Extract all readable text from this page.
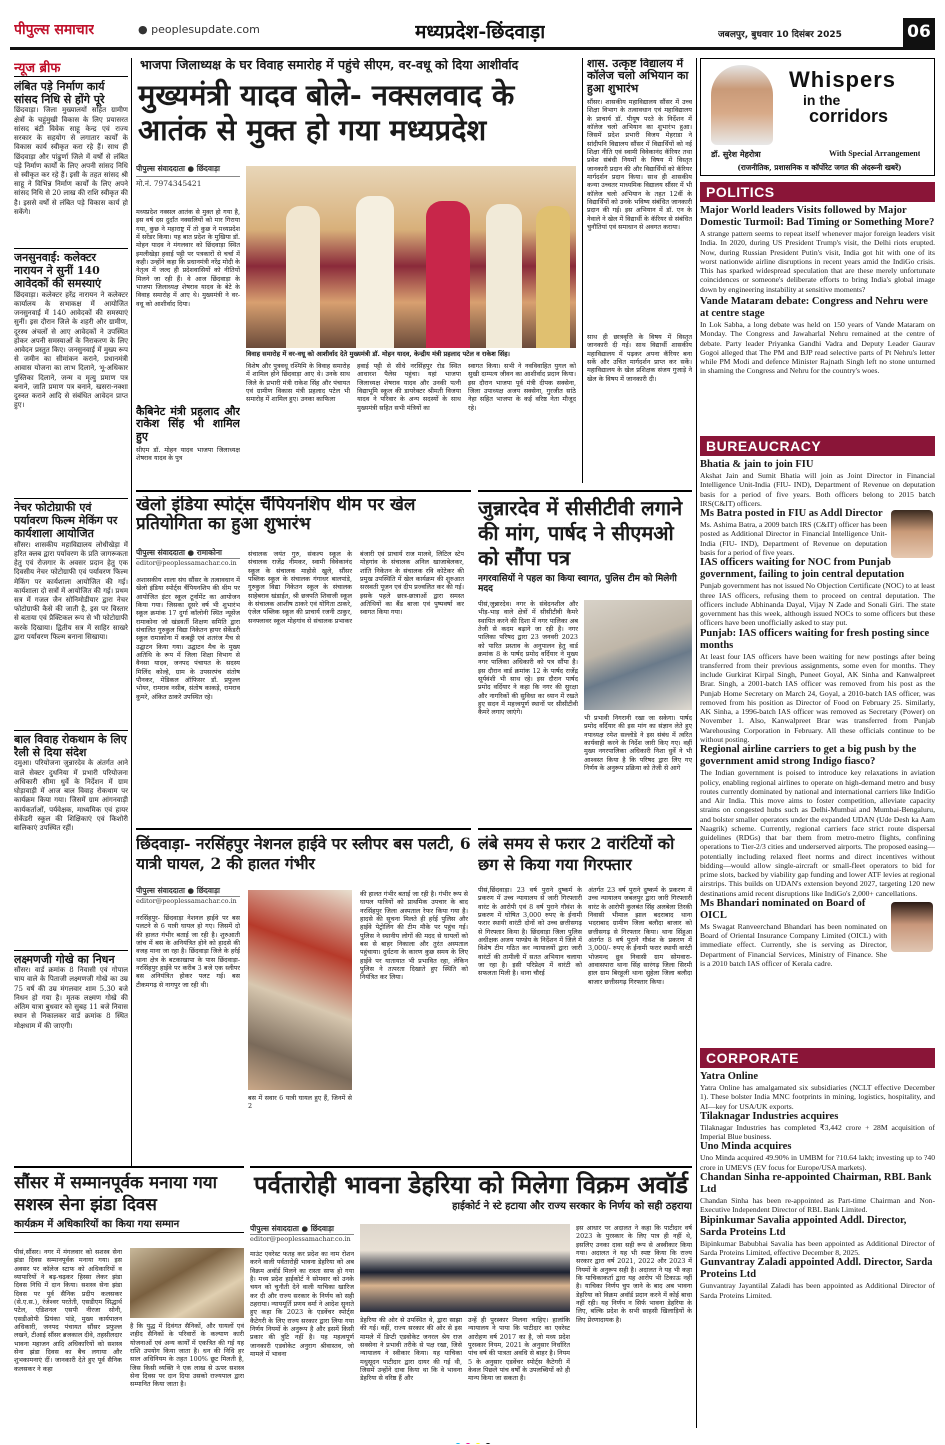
पीपुल्स समाचार	● peoplesupdate.com	मध्यप्रदेश-छिंदवाड़ा	जबलपुर, बुधवार 10 दिसंबर 2025	06
न्यूज ब्रीफ
लंबित पड़े निर्माण कार्य सांसद निधि से होंगे पूरे
छिंदवाड़ा। जिला मुख्यालयों सहित ग्रामीण क्षेत्रों के चहुंमुखी विकास के लिए प्रयासरत सांसद बंटी विवेक साहू केन्द्र एवं राज्य सरकार के सहयोग से लगातार कार्यों के विकास कार्य स्वीकृत करा रहे हैं। साथ ही छिंदवाड़ा और पांढुर्णा जिले में वर्षों से लंबित पड़े निर्माण कार्यों के लिए अपनी सांसद निधि से स्वीकृत कर रहे हैं। इसी के तहत सांसद श्री साहू ने विभिन्न निर्माण कार्यों के लिए अपने सांसद निधि से 20 लाख की राशि स्वीकृत की है। इससे वर्षों से लंबित पड़े विकास कार्य हो सकेंगे।
जनसुनवाई: कलेक्टर नारायन ने सुनीं 140 आवेदकों की समस्याएं
छिंदवाड़ा। कलेक्टर हरेंद्र नारायन ने कलेक्टर कार्यालय के सभाकक्ष में आयोजित जनसुनवाई में 140 आवेदकों की समस्याएं सुनीं। इस दौरान जिले के शहरी और ग्रामीण, दूरस्थ अंचलों से आए आवेदकों ने उपस्थित होकर अपनी समस्याओं के निराकरण के लिए आवेदन प्रस्तुत किए। जनसुनवाई में मुख्य रूप से जमीन का सीमांकन कराने, प्रधानमंत्री आवास योजना का लाभ दिलाने, भू-अधिकार पुस्तिका दिलाने, जन्म व मृत्यु प्रमाण पत्र बनाने, जाति प्रमाण पत्र बनाने, खसरा-नक्शा दुरुस्त कराने आदि से संबंधित आवेदन प्राप्त हुए।
नेचर फोटोग्राफी एवं पर्यावरण फिल्म मेकिंग पर कार्यशाला आयोजित
सौंसर। शासकीय महाविद्यालय लोधीखेड़ा में हरित क्लब द्वारा पर्यावरण के प्रति जागरूकता हेतु एवं रोजगार के अवसर प्रदान हेतु एक दिवसीय नेचर फोटोग्राफी एवं पर्यावरण फिल्म मेकिंग पर कार्यशाला आयोजित की गई। कार्यशाला दो सत्रों में आयोजित की गई। प्रथम सत्र में गजल जैन सोनिमोडीयार द्वारा नेचर फोटोग्राफी कैसे की जाती है, इस पर विस्तार से बताया एवं प्रैक्टिकल रूप से भी फोटोग्राफी करके दिखाया। द्वितीय सत्र में साहिर साखरे द्वारा पर्यावरण फिल्म बनाना सिखाया।
बाल विवाह रोकथाम के लिए रैली से दिया संदेश
दमुआ। परियोजना जुन्नारदेव के अंतर्गत आने वाले सेक्टर दुधनिया में प्रभारी परियोजना अधिकारी सीमा धुर्वे के निर्देशन में ग्राम घोड़ावाड़ी में आज बाल विवाह रोकथाम पर कार्यक्रम किया गया। जिसमें ग्राम आंगनवाड़ी कार्यकर्ताओं, पर्यवेक्षक, माध्यमिक एवं हायर सेकेंडरी स्कूल की शिक्षिकाएं एवं किशोरी बालिकाएं उपस्थित रहीं।
लक्ष्मणजी गोखे का निधन
सौंसर। वार्ड क्रमांक 8 निवासी एवं गोपाल चाय वाले के पिताजी लक्ष्मणजी गोखे का उम्र 75 वर्ष की उम्र मंगलवार शाम 5.30 बजे निधन हो गया है। मृतक लक्ष्मण गोखे की अंतिम यात्रा बुधवार को सुबह 11 बजे निवास स्थान से निकालकर वार्ड क्रमांक 8 स्थित मोक्षधाम में की जाएगी।
भाजपा जिलाध्यक्ष के घर विवाह समारोह में पहुंचे सीएम, वर-वधू को दिया आशीर्वाद
मुख्यमंत्री यादव बोले- नक्सलवाद के आतंक से मुक्त हो गया मध्यप्रदेश
पीपुल्स संवाददाता ● छिंदवाड़ा
मो.नं. 7974345421
विवाह समारोह में वर-वधू को आशीर्वाद देते मुख्यमंत्री डॉ. मोहन यादव, केन्द्रीय मंत्री प्रहलाद पटेल व राकेश सिंह।
मध्यप्रदेश नक्सल आतंक से मुक्त हो गया है, इस वर्ष दस दुर्दांत नक्सलियों को मार गिराया गया, कुछ ने महाराष्ट्र में तो कुछ ने मध्यप्रदेश में सरेंडर किया। यह बात प्रदेश के मुखिया डॉ. मोहन यादव ने मंगलवार को छिंदवाड़ा स्थित इमलीखेड़ा हवाई पट्टी पर पत्रकारों से चर्चा में कही। उन्होंने कहा कि प्रधानमंत्री नरेंद्र मोदी के नेतृत्व में जल्द ही प्रदेशवासियों को नीतियों मिलने जा रही हैं। वे आज छिंदवाड़ा के भाजपा जिलाध्यक्ष शेषराव यादव के बेटे के विवाह समारोह में आए थे। मुख्यमंत्री ने वर-वधू को आशीर्वाद दिया।
कैबिनेट मंत्री प्रहलाद और राकेश सिंह भी शामिल हुए
सीएम डॉ. मोहन यादव भाजपा जिलाध्यक्ष शेषराव यादव के पुत्र
विशेष और पुत्रवधू रश्मिमि के विवाह समारोह में शामिल होने छिंदवाड़ा आए थे। उनके साथ जिले के प्रभारी मंत्री राकेश सिंह और पंचायत एवं ग्रामीण विकास मंत्री प्रहलाद पटेल भी समारोह में शामिल हुए। उनका काफिला
हवाई पट्टी से सीधे नरसिंहपुर रोड स्थित आधारश पैलेस पहुंचा। यहां भाजपा जिलाध्यक्ष शेषराव यादव और उनकी पत्नी विद्याभूमि स्कूल की डायरेक्टर श्रीमती विजया यादव ने परिवार के अन्य सदस्यों के साथ मुख्यमंत्री सहित सभी मंत्रियों का
स्वागत किया। सभी ने नवविवाहित युगल को सुखी दाम्पत्य जीवन का आशीर्वाद प्रदान किया। इस दौरान भाजपा पूर्व मंत्री दीपक सक्सेना, जिला उपाध्यक्ष अजय सक्सेना, गुरजीत सांठे नेहा सहित भाजपा के कई वरिष्ठ नेता मौजूद रहे।
शास. उत्कृष्ट विद्यालय में कॉलेज चलो अभियान का हुआ शुभारंभ
सौंसर। शासकीय महाविद्यालय सौंसर में उच्च शिक्षा विभाग के तत्वावधान एवं महाविद्यालय के प्राचार्य डॉ. पीयूष परते के निर्देशन में कॉलेज चलो अभियान का शुभारंभ हुआ। जिसमें प्रदेश प्रभारी विजय मेहराडा ने सांदीपनि विद्यालय सौंसर में विद्यार्थियों को नई शिक्षा नीति एवं स्वामी विवेकानंद कॅरियर तथा प्रवेश संबंधी नियमों के विषय में विस्तृत जानकारी प्रदान की और विद्यार्थियों को कॅरियर मार्गदर्शन प्रदान किया। साथ ही शासकीय कन्या उच्चतर माध्यमिक विद्यालय सौंसर में भी कॉलेज चलो अभियान के तहत 12वीं के विद्यार्थियों को उनके भविष्य संबंधित जानकारी प्रदान की गई। इस अभियान में डॉ. एन के नेवाले ने खेल में विद्यार्थी के कॅरियर से संबंधित चुनौतियां एवं समाधान से अवगत कराया।
साथ ही छात्रवृत्ति के विषय में विस्तृत जानकारी दी गई। साथ विद्यार्थी शासकीय महाविद्यालय में पढ़कर अपना कॅरियर बना सकें और उचित मार्गदर्शन प्राप्त कर सकें। महाविद्यालय के खेल प्रशिक्षक संजय गुजाड़े ने खेल के विषय में जानकारी दी।
Whispers
in the
corridors
डॉ. सुरेश मेहरोत्रा	With Special Arrangement
(राजनीतिक, प्रशासनिक व कॉर्पोरेट जगत की अंदरूनी खबरें)
POLITICS
Major World leaders Visits followed by Major Domestic Turmoil: Bad Timing or Something More?
A strange pattern seems to repeat itself whenever major foreign leaders visit India. In 2020, during US President Trump's visit, the Delhi riots erupted. Now, during Russian President Putin's visit, India got hit with one of its worst nationwide airline disruptions in recent years amid the IndiGo crisis. This has sparked widespread speculation that are these merely unfortunate coincidences or someone's deliberate efforts to bring India's global image down by engineering instability at sensitive moments?
Vande Mataram debate: Congress and Nehru were at centre stage
In Lok Sabha, a long debate was held on 150 years of Vande Mataram on Monday. The Congress and Jawaharlal Nehru remained at the centre of debate. Party leader Priyanka Gandhi Vadra and Deputy Leader Gaurav Gogoi alleged that The PM and BJP read selective parts of Pt Nehru's letter while PM Modi and defence Minister Rajnath Singh left no stone unturned in shaming the Congress and Nehru for the country's woes.
BUREAUCRACY
Bhatia & jain to join FIU
Akshat Jain and Sumit Bhatia will join as Joint Director in Financial Intelligence Unit-India (FIU- IND), Department of Revenue on deputation basis for a period of five years. Both officers belong to 2015 batch IRS(C&IT) officers.
Ms Batra posted in FIU as Addl Director
Ms. Ashima Batra, a 2009 batch IRS (C&IT) officer has been posted as Additional Director in Financial Intelligence Unit-India (FIU- IND), Department of Revenue on deputation basis for a period of five years.
IAS officers waiting for NOC from Punjab government, failing to join central deputation
Punjab government has not issued No Objection Certificate (NOC) to at least three IAS officers, refusing them to proceed on central deputation. The officers include Abhinanda Dayal, Vijay N Zade and Sonali Giri. The state government has this week, although issued NOCs to some officers but these officers have been unofficially asked to stay put.
Punjab: IAS officers waiting for fresh posting since months
At least four IAS officers have been waiting for new postings after being transferred from their previous assignments, some even for months. They include Gurkirat Kirpal Singh, Puneet Goyal, AK Sinha and Kanwalpreet Brar. Singh, a 2001-batch IAS officer was removed from his post as the Punjab Home Secretary on March 24, Goyal, a 2010-batch IAS officer, was removed from his position as Director of Food on February 25. Similarly, AK Sinha, a 1996-batch IAS officer was removed as Secretary (Power) on November 1. Also, Kanwalpreet Brar was transferred from Punjab Warehousing Corporation in February. All these officials continue to be without posting.
Regional airline carriers to get a big push by the government amid strong Indigo fiasco?
The Indian government is poised to introduce key relaxations in aviation policy, enabling regional airlines to operate on high-demand metro and busy routes currently dominated by national and international carriers like IndiGo and Air India. This move aims to foster competition, alleviate capacity strains on congested hubs such as Delhi-Mumbai and Mumbai-Bengaluru, and bolster smaller operators under the expanded UDAN (Ude Desh ka Aam Naagrik) scheme. Currently, regional carriers face strict route dispersal guidelines (RDGs) that bar them from metro-metro flights, confining operations to Tier-2/3 cities and underserved airports. The proposed easing—potentially including relaxed fleet norms and direct incentives without bidding—would allow single-aircraft or small-fleet operators to bid for prime slots, backed by viability gap funding and lower ATF levies at regional airstrips. This builds on UDAN's extension beyond 2027, targeting 120 new destinations amid recent disruptions like IndiGo's 2,000+ cancellations.
Ms Bhandari nominated on Board of OICL
Ms Swagat Ranveerchand Bhandari has been nominated on Board of Oriental Insurance Company Limited (OICL) with immediate effect. Currently, she is serving as Director, Department of Financial Services, Ministry of Finance. She is a 2010 batch IAS officer of Kerala cadre.
CORPORATE
Yatra Online
Yatra Online has amalgamated six subsidiaries (NCLT effective December 1). These bolster India MNC footprints in mining, logistics, hospitality, and AI—key for USA/UK exports.
Tilaknagar Industries acquires
Tilaknagar Industries has completed ₹3,442 crore + 28M acquisition of Imperial Blue business.
Uno Minda acquires
Uno Minda acquired 49.90% in UMBM for ?10.64 lakh; investing up to ?40 crore in UMEVS (EV focus for Europe/USA markets).
Chandan Sinha re-appointed Chairman, RBL Bank Ltd
Chandan Sinha has been re-appointed as Part-time Chairman and Non-Executive Independent Director of RBL Bank Limited.
Bipinkumar Savalia appointed Addl. Director, Sarda Proteins Ltd
Bipinkumar Babubhai Savalia has been appointed as Additional Director of Sarda Proteins Limited, effective December 8, 2025.
Gunvantray Zaladi appointed Addl. Director, Sarda Proteins Ltd
Gunvantray Jayantilal Zaladi has been appointed as Additional Director of Sarda Proteins Limited.
खेलो इंडिया स्पोर्ट्स चैंपियनशिप थीम पर खेल प्रतियोगिता का हुआ शुभारंभ
पीपुल्स संवाददाता ● रामाकोना
editor@peoplessamachar.co.in
अशासकीय शाला संघ सौंसर के तत्वावधान में खेलो इंडिया स्पोर्ट्स चैंपियनशिप की थीम पर आयोजित इंटर स्कूल टूर्नामेंट का आयोजन किया गया। जिसका दूसरे वर्ष भी शुभारंभ स्कूल क्रमांक 17 दुर्गा कॉलोनी स्थित न्यूसेंज रामाकोना जो खंडवर्ती शिक्षण समिति द्वारा संचालित गुरुकुल विद्या निकेतन हायर सेकेंडरी स्कूल रामाकोना में कबड्डी एवं शतरंज मैच से उद्घाटन किया गया। उद्घाटन मैच के मुख्य अतिथि के रूप में जिला शिक्षा विभाग से वैनसा यादव, जनपद पंचायत के सदस्य मिलिंद कोल्हे, ग्राम के उपसरपंच संतोष पौनकर, मेडिकल ऑफिसर डॉ. प्रफुल्ल भोयर, रामराव नसीब, संतोष काकड़े, रामराव कुमरे, अंकित ठाकरे उपस्थित रहे।
संचालक जयंत गुरु, संकल्प स्कूल के संचालक राजेंद्र नीमकर, स्वामी विवेकानंद स्कूल के संचालक माहोसे खुले, सौंसर पब्लिक स्कूल के संचालक गंगाधर बालपांडे, गुरुकुल विद्या निकेतन स्कूल के संचालक साहेबराव खंडाईत, श्री छत्रपति शिवाजी स्कूल के संचालक आशीष ठाकरे एवं योगिता ठाकरे, एंजेल पब्लिक स्कूल की प्राचार्य रजनी ठाकुर, सनफ्लावर स्कूल मोहगांव से संचालक प्रभाकर बंजारी एवं प्राचार्य राज मालवे, लिटिल स्टेप मोहगांव के संचालक अनिल खाजाबेलकर, शांति निकेतन के संचालक रवि कोटेकर की प्रमुख उपस्थिति में खेल कार्यक्रम की शुरुआत सरस्वती पूजन एवं दीप प्रज्वलित कर की गई। इसके पहले छात्र-छात्राओं द्वारा समस्त अतिथियों का बैंड बाजा एवं पुष्पवर्षा कर स्वागत किया गया।
जुन्नारदेव में सीसीटीवी लगाने की मांग, पार्षद ने सीएमओ को सौंपा पत्र
नगरवासियों ने पहल का किया स्वागत, पुलिस टीम को मिलेगी मदद
पीसं,जुन्नारदेव। नगर के संवेदनशील और भीड़-भाड़ वाले क्षेत्रों में सीसीटीवी कैमरे स्थापित करने की दिशा में नगर पालिका अब तेजी से कदम बढ़ाने जा रही है। नगर पालिका परिषद द्वारा 23 जनवरी 2023 को पारित प्रस्ताव के अनुपालन हेतु वार्ड क्रमांक 8 के पार्षद प्रमोद वर्दियार ने मुख्य नगर पालिका अधिकारी को पत्र सौंपा है। इस दौरान वार्ड क्रमांक 12 के पार्षद राजेंद्र सूर्यवंशी भी साथ रहे। इस दौरान पार्षद प्रमोद वर्दियार ने कहा कि नगर की सुरक्षा और नागरिकों की सुविधा का ध्यान में रखते हुए सदन में महत्त्वपूर्ण स्थानों पर सीसीटीवी कैमरे लगाए जाएंगे।
भी प्रभावी निगरानी रखा जा सकेगा। पार्षद प्रमोद वर्दियार की इस मांग का संज्ञान लेते हुए नपाध्यक्ष रमेश सल्लोडे ने इस संबंध में त्वरित कार्यवाही करने के निर्देश जारी किए गए। वहीं मुख्य नगरपालिका अधिकारी निशा धुर्वे ने भी आश्वस्त किया है कि परिषद द्वारा लिए गए निर्णय के अनुरूप प्रक्रिया को तेजी से आगे
छिंदवाड़ा- नरसिंहपुर नेशनल हाईवे पर स्लीपर बस पलटी, 6 यात्री घायल, 2 की हालत गंभीर
पीपुल्स संवाददाता ● छिंदवाड़ा
editor@peoplessamachar.co.in
नरसिंहपुर- छिंदवाड़ा नेशनल हाईवे पर बस पलटने से 6 यात्री घायल हो गए। जिसमें दो की हालत गंभीर बताई जा रही है। शुरुआती जांच में बस के अनियंत्रित होने को हादसे की वजह माना जा रहा है। छिंदवाड़ा जिले के हर्रई थाना क्षेत्र के बटकाखापा के पास छिंदवाड़ा-नरसिंहपुर हाईवे पर करीब 3 बजे एक स्लीपर बस अनियंत्रित होकर पलट गई। बस टीकमगढ़ से नागपुर जा रही थी।
बस में सवार 6 यात्री घायल हुए हैं, जिनमें से 2
की हालत गंभीर बताई जा रही है। गंभीर रूप से घायल यात्रियों को प्राथमिक उपचार के बाद नरसिंहपुर जिला अस्पताल रेफर किया गया है। हादसे की सूचना मिलते ही हर्रई पुलिस और हाईवे पेट्रोलिंग की टीम मौके पर पहुंच गई। पुलिस ने स्थानीय लोगों की मदद से घायलों को बस से बाहर निकाला और तुरंत अस्पताल पहुंचाया। दुर्घटना के कारण कुछ समय के लिए हाईवे पर यातायात भी प्रभावित रहा, लेकिन पुलिस ने तत्परता दिखाते हुए स्थिति को नियंत्रित कर लिया।
लंबे समय से फरार 2 वारंटियों को छग से किया गया गिरफ्तार
पीसं,छिंदवाड़ा। 23 वर्ष पुराने दुष्कर्म के प्रकरण में उच्च न्यायालय से जारी गिरफ्तारी वारंट के आरोपी एवं 8 वर्ष पुराने गौवंश के प्रकरण में घोषित 3,000 रुपए के ईनामी फरार स्थायी वारंटी दोनों को उच्च छत्तीसगढ़ से गिरफ्तार किया है। छिंदवाड़ा जिला पुलिस अधीक्षक अजय पाण्डेय के निर्देशन में जिले में विशेष टीम गठित कर न्यायालयों द्वारा जारी वारंटों की तामीली में सतत अभियान चलाया जा रहा है। इसी परिप्रेक्ष्य में वारंटी को सफलता मिली है। थाना चौरई
अंतर्गत 23 वर्ष पुराने दुष्कर्म के प्रकरण में उच्च न्यायालय जबलपुर द्वारा जारी गिरफ्तारी वारंट के आरोपी कुलबंत सिंह अलबेला तिरकी निवासी भीमाल झाल बदराबाद थाना भदराबाद ग्रामीण जिला बलौदा बाजार को छत्तीसगढ़ से गिरफ्तार किया। थाना सिंहुआ अंतर्गत 8 वर्ष पुराने गौवंश के प्रकरण में 3,000/- रुपए के ईनामी फरार स्थायी वारंटी भोजमन्द ध्रुव निवासी ग्राम सोमवारा-आवासपारा थाना सिंह सारंगढ़ जिला सिरमी हाल ग्राम बिरहूली थाना सुहेला जिला बलौदा बाजार छत्तीसगढ़ गिरफ्तार किया।
सौंसर में सम्मानपूर्वक मनाया गया सशस्त्र सेना झंडा दिवस
कार्यक्रम में अधिकारियों का किया गया सम्मान
पीसं,सौंसर। नगर में मंगलवार को सशस्त्र सेना झंडा दिवस सम्मानपूर्वक मनाया गया। इस अवसर पर कॉलेज स्टाफ को अधिकारियों व व्यापारियों ने बढ़-चढ़कर हिस्सा लेकर झंडा दिवस निधि में दान किया। सशस्त्र सेना झंडा दिवस पर पूर्व सैनिक प्रदीप कलसकर (से.ए.स.), रंजेश्वर परतेती, एसडीएम सिद्धार्थ पटेल, एडिशनल एसपी नीरजा सोनी, एसडीओपी प्रियंका पांडे, मुख्य कार्यपालन अधिकारी, जनपद पंचायत सौंसर प्रफुल्ल लखने, टीआई सौंसर ब्रजकाल दीवे, तहसीलदार भावना महाजन आदि अधिकारियों को सशस्त्र सेना झंडा दिवस का बैच लगाया और शुभकामनाएं दीं। जानकारी देते हुए पूर्व सैनिक कलसकर ने कहा
है कि युद्ध में दिवंगत सैनिकों, और घायलों एवं शहीद सैनिकों के परिवारों के कल्याण कारी योजनाओं एवं अन्य कार्यों में एकत्रित की गई यह राशि उपयोग किया जाता है। धन की निधि हर साल अधिनियम के तहत 100% छूट मिलती है, जिस किसी व्यक्ति ने एक लाख से ऊपर सशस्त्र सेना दिवस पर दान दिया उसको राज्यपाल द्वारा सम्मानित किया जाता है।
पर्वतारोही भावना डेहरिया को मिलेगा विक्रम अवॉर्ड
हाईकोर्ट ने स्टे हटाया और राज्य सरकार के निर्णय को सही ठहराया
पीपुल्स संवाददाता ● छिंदवाड़ा
editor@peoplessamachar.co.in
माउंट एवरेस्ट फतह कर प्रदेश का नाम रोशन करने वाली पर्वतारोही भावना डेहरिया को अब विक्रम अवॉर्ड मिलने का रास्ता साफ हो गया है। मध्य प्रदेश हाईकोर्ट ने सोमवार को उनके चयन को चुनौती देने वाली याचिका खारिज कर दी और राज्य सरकार के निर्णय को सही ठहराया। न्यायमूर्ति प्रणय वर्मा ने आदेश सुनाते हुए कहा कि 2023 के एडवेंचर स्पोर्ट्स कैटेगरी के लिए राज्य सरकार द्वारा लिया गया निर्णय नियमों के अनुरूप है और इसमें किसी प्रकार की त्रुटि नहीं है। यह महत्वपूर्ण जानकारी एडवोकेट अनुराग श्रीवास्तव, जो मामले में भावना
डेहरिया की ओर से उपस्थित थे, द्वारा साझा की गई। वहीं, राज्य सरकार की ओर से इस मामले में डिप्टी एडवोकेट जनरल श्रेय राज सक्सेना ने प्रभावी तरीके से पक्ष रखा, जिसे न्यायालय ने स्वीकार किया। यह याचिका मधुसूदन पाटीदार द्वारा दायर की गई थी, जिसमें उन्होंने दावा किया था कि वे भावना डेहरिया से वरिष्ठ हैं और
उन्हें ही पुरस्कार मिलना चाहिए। हालांकि न्यायालय ने पाया कि पाटीदार का एवरेस्ट आरोहण वर्ष 2017 का है, जो मध्य प्रदेश पुरस्कार नियम, 2021 के अनुसार निर्धारित पांच वर्ष की पात्रता अवधि से बाहर है। नियम 5 के अनुसार एडवेंचर स्पोर्ट्स कैटेगरी में केवल पिछले पांच वर्षों के उपलब्धियों को ही मान्य किया जा सकता है।
इस आधार पर अदालत ने कहा कि पाटीदार वर्ष 2023 के पुरस्कार के लिए पात्र ही नहीं थे, इसलिए उनका दावा सही रूप से अस्वीकार किया गया। अदालत ने यह भी स्पष्ट किया कि राज्य सरकार द्वारा वर्ष 2021, 2022 और 2023 में नियमों के अनुरूप सही है। अदालत ने यह भी कहा कि याचिकाकर्ता द्वारा यह आरोप भी टिकाऊ नहीं है। याचिका निर्णय चुप जाने के बाद अब भावना डेहरिया को विक्रम अवॉर्ड प्रदान करने में कोई बाधा नहीं रही। यह निर्णय न सिर्फ भावना डेहरिया के लिए, बल्कि प्रदेश के सभी साहसी खिलाड़ियों के लिए प्रेरणादायक है।
